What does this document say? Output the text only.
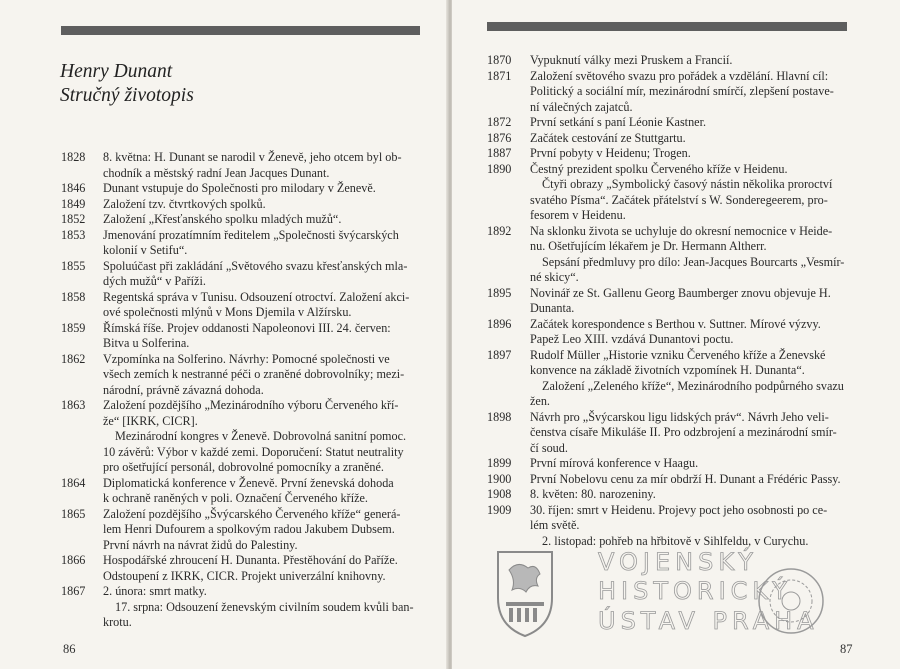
Henry Dunant
Stručný životopis
1828	8. května: H. Dunant se narodil v Ženevě, jeho otcem byl ob-
chodník a městský radní Jean Jacques Dunant.
1846	Dunant vstupuje do Společnosti pro milodary v Ženevě.
1849	Založení tzv. čtvrtkových spolků.
1852	Založení „Křesťanského spolku mladých mužů“.
1853	Jmenování prozatímním ředitelem „Společnosti švýcarských
kolonií v Setifu“.
1855	Spoluúčast při zakládání „Světového svazu křesťanských mla-
dých mužů“ v Paříži.
1858	Regentská správa v Tunisu. Odsouzení otroctví. Založení akci-
ové společnosti mlýnů v Mons Djemila v Alžírsku.
1859	Římská říše. Projev oddanosti Napoleonovi III. 24. červen:
Bitva u Solferina.
1862	Vzpomínka na Solferino. Návrhy: Pomocné společnosti ve
všech zemích k nestranné péči o zraněné dobrovolníky; mezi-
národní, právně závazná dohoda.
1863	Založení pozdějšího „Mezinárodního výboru Červeného kří-
že“ [IKRK, CICR].
Mezinárodní kongres v Ženevě. Dobrovolná sanitní pomoc.
10 závěrů: Výbor v každé zemi. Doporučení: Statut neutrality
pro ošetřující personál, dobrovolné pomocníky a zraněné.
1864	Diplomatická konference v Ženevě. První ženevská dohoda
k ochraně raněných v poli. Označení Červeného kříže.
1865	Založení pozdějšího „Švýcarského Červeného kříže“ generá-
lem Henri Dufourem a spolkovým radou Jakubem Dubsem.
První návrh na návrat židů do Palestiny.
1866	Hospodářské zhroucení H. Dunanta. Přestěhování do Paříže.
Odstoupení z IKRK, CICR. Projekt univerzální knihovny.
1867	2. února: smrt matky.
17. srpna: Odsouzení ženevským civilním soudem kvůli ban-
krotu.
86
1870	Vypuknutí války mezi Pruskem a Francií.
1871	Založení světového svazu pro pořádek a vzdělání. Hlavní cíl:
Politický a sociální mír, mezinárodní smírčí, zlepšení postave-
ní válečných zajatců.
1872	První setkání s paní Léonie Kastner.
1876	Začátek cestování ze Stuttgartu.
1887	První pobyty v Heidenu; Trogen.
1890	Čestný prezident spolku Červeného kříže v Heidenu.
Čtyři obrazy „Symbolický časový nástin několika proroctví
svatého Písma“. Začátek přátelství s W. Sonderegeerem, pro-
fesorem v Heidenu.
1892	Na sklonku života se uchyluje do okresní nemocnice v Heide-
nu. Ošetřujícím lékařem je Dr. Hermann Altherr.
Sepsání předmluvy pro dílo: Jean-Jacques Bourcarts „Vesmír-
né skicy“.
1895	Novinář ze St. Gallenu Georg Baumberger znovu objevuje H.
Dunanta.
1896	Začátek korespondence s Berthou v. Suttner. Mírové výzvy.
Papež Leo XIII. vzdává Dunantovi poctu.
1897	Rudolf Müller „Historie vzniku Červeného kříže a Ženevské
konvence na základě životních vzpomínek H. Dunanta“.
Založení „Zeleného kříže“, Mezinárodního podpůrného svazu
žen.
1898	Návrh pro „Švýcarskou ligu lidských práv“. Návrh Jeho veli-
čenstva císaře Mikuláše II. Pro odzbrojení a mezinárodní smír-
čí soud.
1899	První mírová konference v Haagu.
1900	První Nobelovu cenu za mír obdrží H. Dunant a Frédéric Passy.
1908	8. květen: 80. narozeniny.
1909	30. říjen: smrt v Heidenu. Projevy poct jeho osobnosti po ce-
lém světě.
2. listopad: pohřeb na hřbitově v Sihlfeldu, v Curychu.
VOJENSKÝ
HISTORICKÝ
ÚSTAV PRAHA
87
